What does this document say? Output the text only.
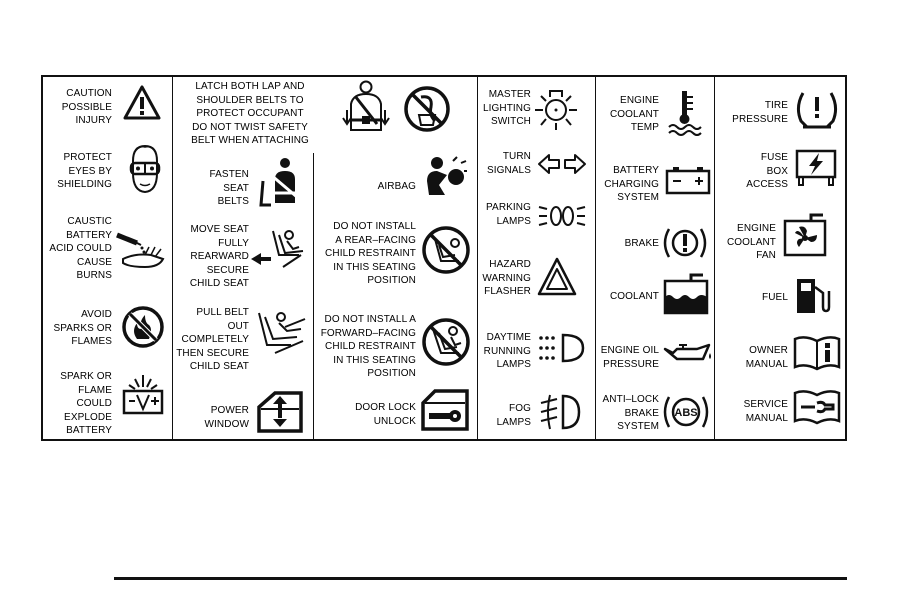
CAUTION
POSSIBLE
INJURY
PROTECT
EYES BY
SHIELDING
CAUSTIC
BATTERY
ACID COULD
CAUSE
BURNS
AVOID
SPARKS OR
FLAMES
SPARK OR
FLAME
COULD
EXPLODE
BATTERY
LATCH BOTH LAP AND
SHOULDER BELTS TO
PROTECT OCCUPANT
DO NOT TWIST SAFETY
BELT WHEN ATTACHING
FASTEN
SEAT
BELTS
MOVE SEAT
FULLY
REARWARD
SECURE
CHILD SEAT
PULL BELT
OUT
COMPLETELY
THEN SECURE
CHILD SEAT
POWER
WINDOW
AIRBAG
DO NOT INSTALL
A REAR–FACING
CHILD RESTRAINT
IN THIS SEATING
POSITION
DO NOT INSTALL A
FORWARD–FACING
CHILD RESTRAINT
IN THIS SEATING
POSITION
DOOR LOCK
UNLOCK
MASTER
LIGHTING
SWITCH
TURN
SIGNALS
PARKING
LAMPS
HAZARD
WARNING
FLASHER
DAYTIME
RUNNING
LAMPS
FOG
LAMPS
ENGINE
COOLANT
TEMP
BATTERY
CHARGING
SYSTEM
BRAKE
COOLANT
ENGINE OIL
PRESSURE
ANTI–LOCK
BRAKE
SYSTEM
ABS
TIRE
PRESSURE
FUSE
BOX
ACCESS
ENGINE
COOLANT
FAN
FUEL
OWNER
MANUAL
SERVICE
MANUAL
